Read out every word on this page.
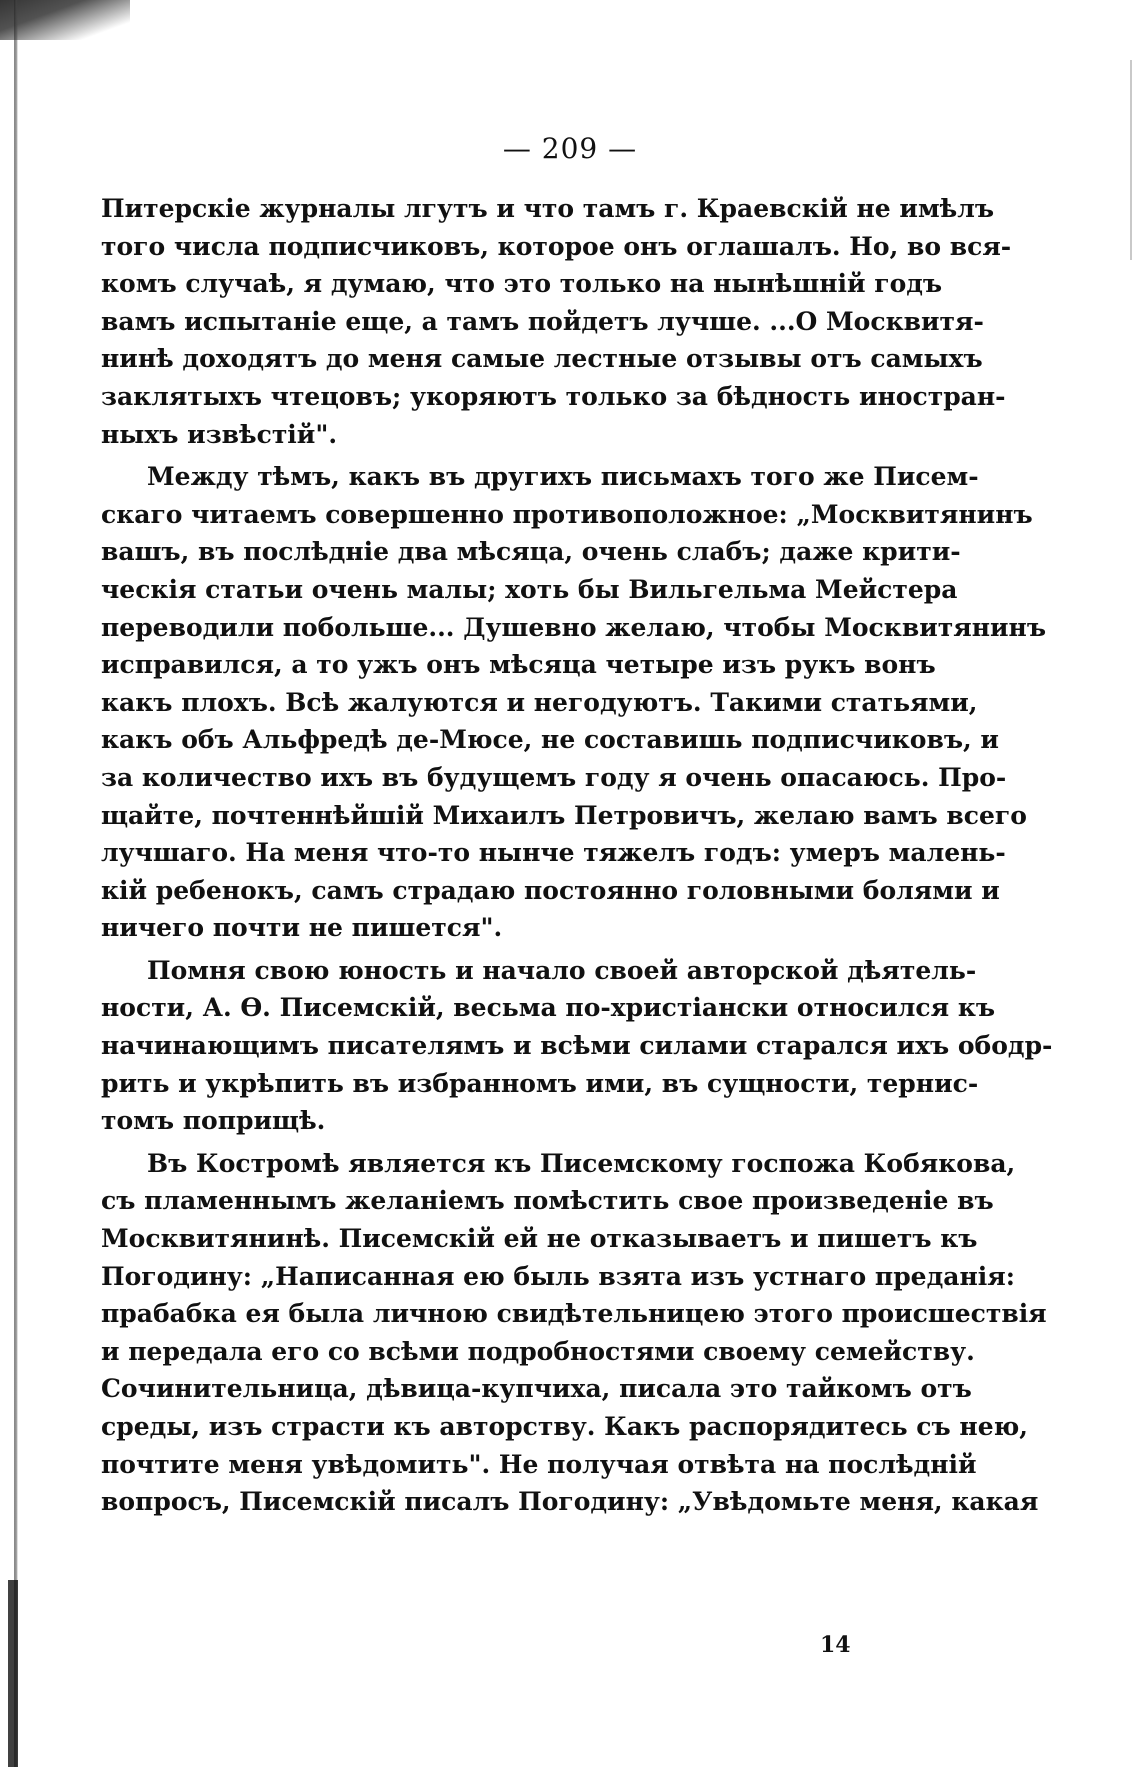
— 209 —
Питерскіе журналы лгутъ и что тамъ г. Краевскій не имѣлъ
того числа подписчиковъ, которое онъ оглашалъ. Но, во вся-
комъ случаѣ, я думаю, что это только на нынѣшній годъ
вамъ испытаніе еще, а тамъ пойдетъ лучше. ...О Москвитя-
нинѣ доходятъ до меня самые лестные отзывы отъ самыхъ
заклятыхъ чтецовъ; укоряютъ только за бѣдность иностран-
ныхъ извѣстій".
Между тѣмъ, какъ въ другихъ письмахъ того же Писем-
скаго читаемъ совершенно противоположное: „Москвитянинъ
вашъ, въ послѣдніе два мѣсяца, очень слабъ; даже крити-
ческія статьи очень малы; хоть бы Вильгельма Мейстера
переводили побольше... Душевно желаю, чтобы Москвитянинъ
исправился, а то ужъ онъ мѣсяца четыре изъ рукъ вонъ
какъ плохъ. Всѣ жалуются и негодуютъ. Такими статьями,
какъ объ Альфредѣ де-Мюсе, не составишь подписчиковъ, и
за количество ихъ въ будущемъ году я очень опасаюсь. Про-
щайте, почтеннѣйшій Михаилъ Петровичъ, желаю вамъ всего
лучшаго. На меня что-то нынче тяжелъ годъ: умеръ малень-
кій ребенокъ, самъ страдаю постоянно головными болями и
ничего почти не пишется".
Помня свою юность и начало своей авторской дѣятель-
ности, А. Ѳ. Писемскій, весьма по-христіански относился къ
начинающимъ писателямъ и всѣми силами старался ихъ ободр-
рить и укрѣпить въ избранномъ ими, въ сущности, тернис-
томъ поприщѣ.
Въ Костромѣ является къ Писемскому госпожа Кобякова,
съ пламеннымъ желаніемъ помѣстить свое произведеніе въ
Москвитянинѣ. Писемскій ей не отказываетъ и пишетъ къ
Погодину: „Написанная ею быль взята изъ устнаго преданія:
прабабка ея была личною свидѣтельницею этого происшествія
и передала его со всѣми подробностями своему семейству.
Сочинительница, дѣвица-купчиха, писала это тайкомъ отъ
среды, изъ страсти къ авторству. Какъ распорядитесь съ нею,
почтите меня увѣдомить". Не получая отвѣта на послѣдній
вопросъ, Писемскій писалъ Погодину: „Увѣдомьте меня, какая
14
